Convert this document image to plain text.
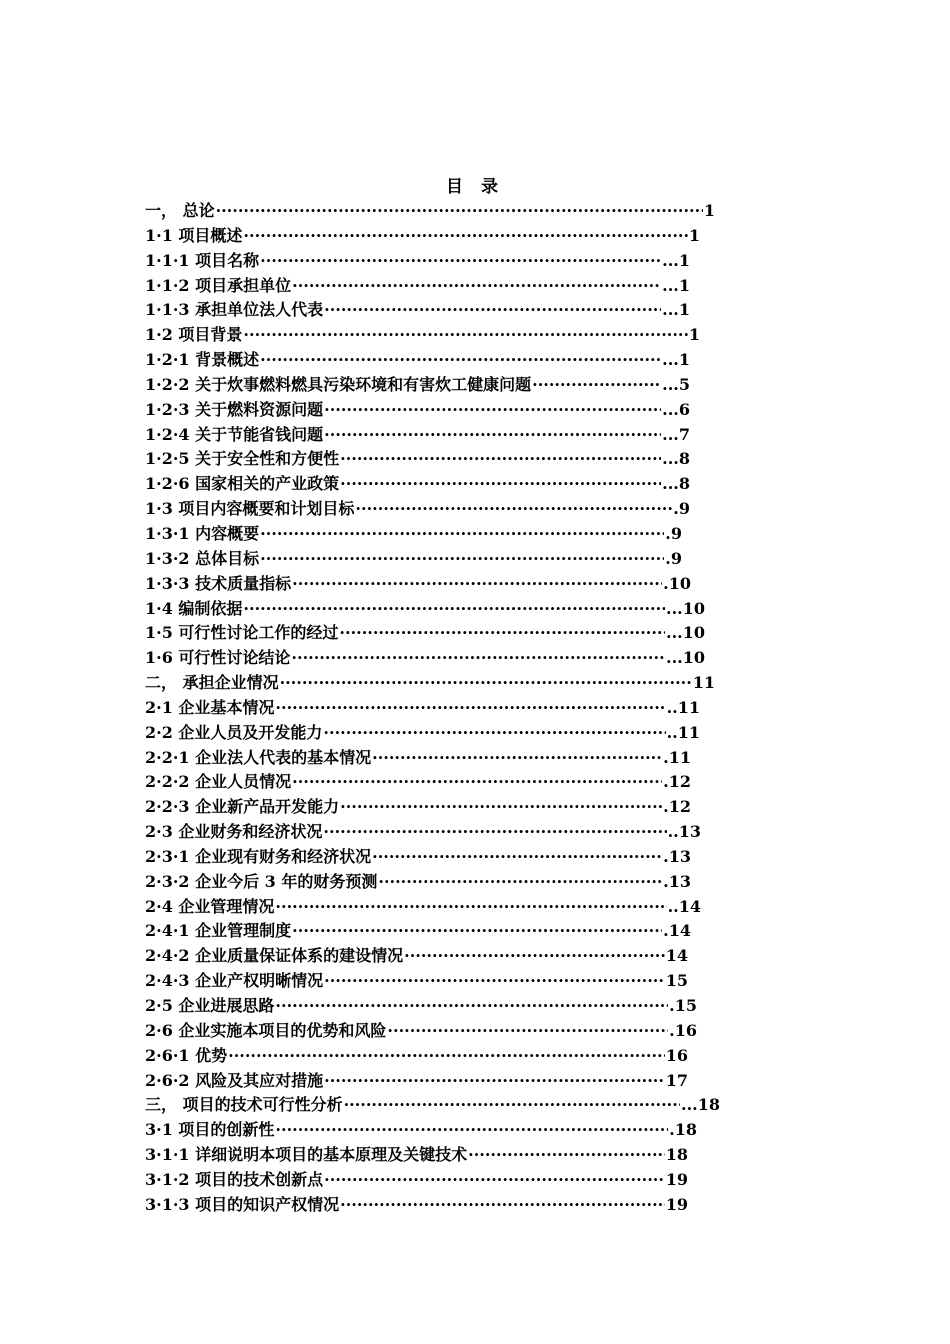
目 录
一， 总论 ·····	1
1·1 项目概述 ·····	1
1·1·1 项目名称 ·····	...1
1·1·2 项目承担单位 ·····	...1
1·1·3 承担单位法人代表 ·····	...1
1·2 项目背景 ·····	1
1·2·1 背景概述 ·····	...1
1·2·2 关于炊事燃料燃具污染环境和有害炊工健康问题 ·····	...5
1·2·3 关于燃料资源问题 ·····	...6
1·2·4 关于节能省钱问题 ·····	...7
1·2·5 关于安全性和方便性 ·····	...8
1·2·6 国家相关的产业政策 ·····	...8
1·3 项目内容概要和计划目标 ·····	.9
1·3·1 内容概要 ·····	.9
1·3·2 总体目标 ·····	.9
1·3·3 技术质量指标 ·····	.10
1·4 编制依据 ·····	...10
1·5 可行性讨论工作的经过 ·····	...10
1·6 可行性讨论结论 ·····	...10
二， 承担企业情况 ·····	11
2·1 企业基本情况 ·····	..11
2·2 企业人员及开发能力 ·····	..11
2·2·1 企业法人代表的基本情况 ·····	.11
2·2·2 企业人员情况 ·····	.12
2·2·3 企业新产品开发能力 ·····	.12
2·3 企业财务和经济状况 ·····	..13
2·3·1 企业现有财务和经济状况 ·····	.13
2·3·2 企业今后 3 年的财务预测 ·····	.13
2·4 企业管理情况 ·····	..14
2·4·1 企业管理制度 ·····	.14
2·4·2 企业质量保证体系的建设情况 ·····	14
2·4·3 企业产权明晰情况 ·····	15
2·5 企业进展思路 ·····	.15
2·6 企业实施本项目的优势和风险 ·····	.16
2·6·1 优势 ·····	16
2·6·2 风险及其应对措施 ·····	17
三， 项目的技术可行性分析 ·····	...18
3·1 项目的创新性 ·····	.18
3·1·1 详细说明本项目的基本原理及关键技术 ·····	18
3·1·2 项目的技术创新点 ·····	19
3·1·3 项目的知识产权情况 ·····	19
